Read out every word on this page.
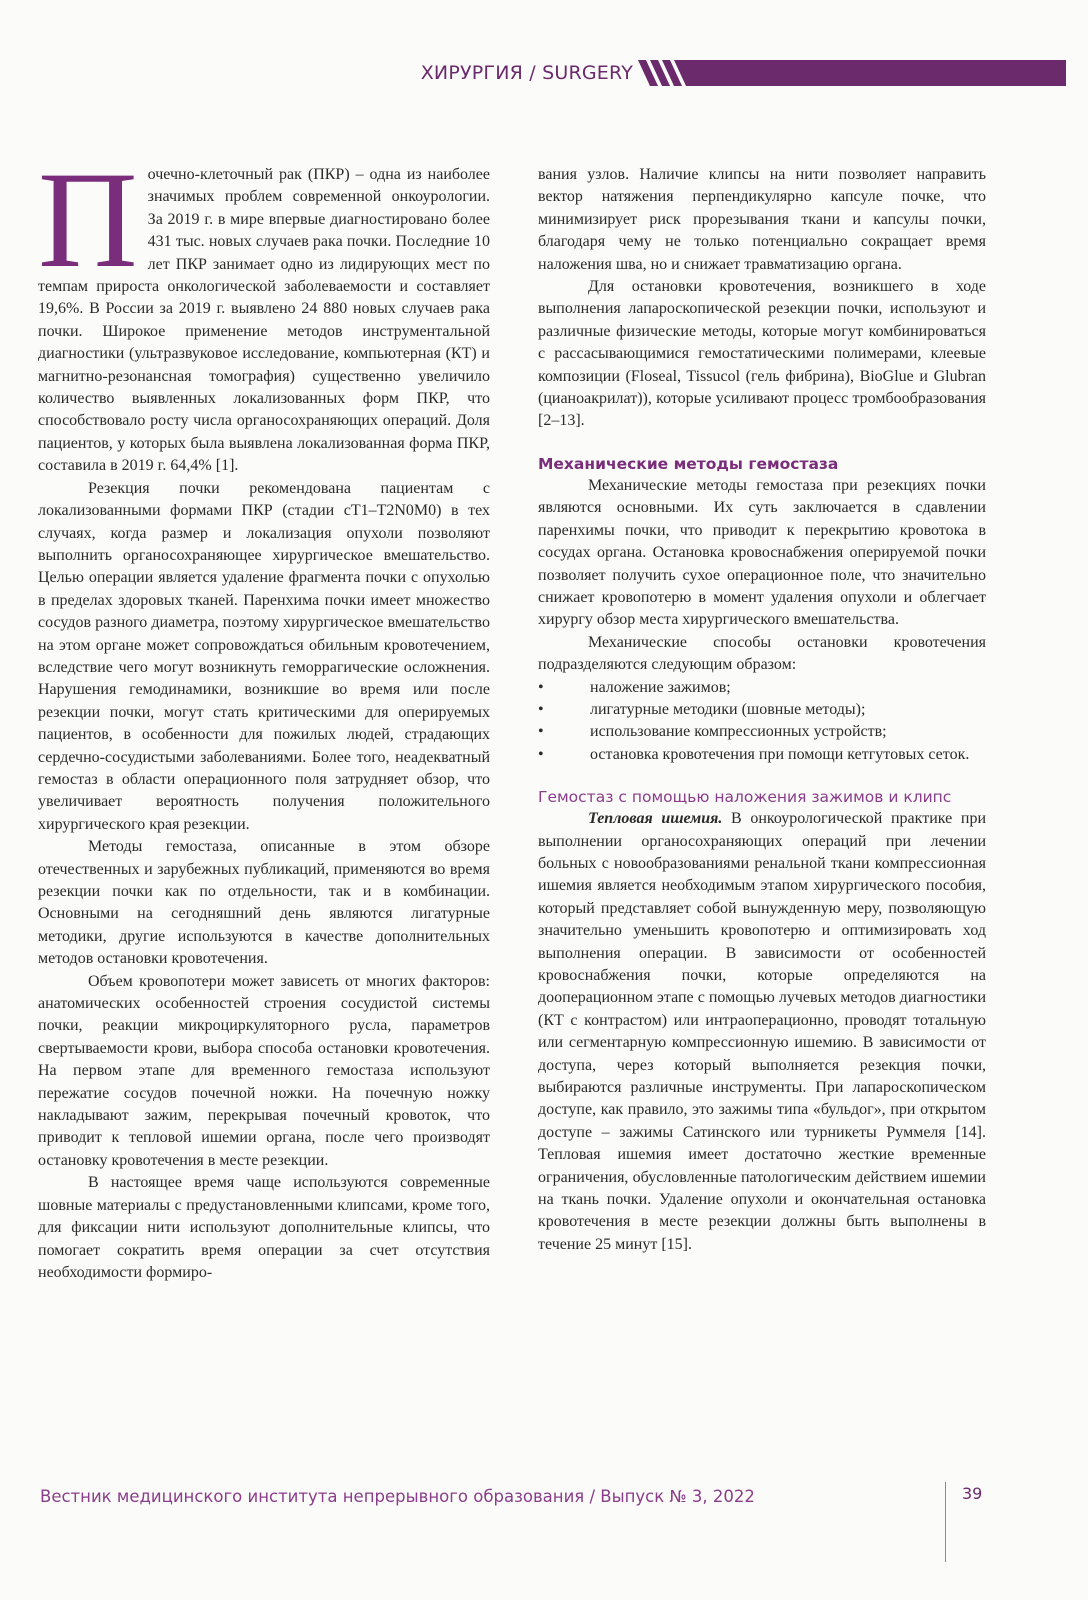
ХИРУРГИЯ / SURGERY

Почечно-клеточный рак (ПКР) – одна из наиболее значимых проблем современной онкоурологии. За 2019 г. в мире впервые диагностировано более 431 тыс. новых случаев рака почки. Последние 10 лет ПКР занимает одно из лидирующих мест по темпам прироста онкологической заболеваемости и составляет 19,6%. В России за 2019 г. выявлено 24 880 новых случаев рака почки. Широкое применение методов инструментальной диагностики (ультразвуковое исследование, компьютерная (КТ) и магнитно-резонансная томография) существенно увеличило количество выявленных локализованных форм ПКР, что способствовало росту числа органосохраняющих операций. Доля пациентов, у которых была выявлена локализованная форма ПКР, составила в 2019 г. 64,4% [1].

Резекция почки рекомендована пациентам с локализованными формами ПКР (стадии cT1–T2N0M0) в тех случаях, когда размер и локализация опухоли позволяют выполнить органосохраняющее хирургическое вмешательство. Целью операции является удаление фрагмента почки с опухолью в пределах здоровых тканей. Паренхима почки имеет множество сосудов разного диаметра, поэтому хирургическое вмешательство на этом органе может сопровождаться обильным кровотечением, вследствие чего могут возникнуть геморрагические осложнения. Нарушения гемодинамики, возникшие во время или после резекции почки, могут стать критическими для оперируемых пациентов, в особенности для пожилых людей, страдающих сердечно-сосудистыми заболеваниями. Более того, неадекватный гемостаз в области операционного поля затрудняет обзор, что увеличивает вероятность получения положительного хирургического края резекции.

Методы гемостаза, описанные в этом обзоре отечественных и зарубежных публикаций, применяются во время резекции почки как по отдельности, так и в комбинации. Основными на сегодняшний день являются лигатурные методики, другие используются в качестве дополнительных методов остановки кровотечения.

Объем кровопотери может зависеть от многих факторов: анатомических особенностей строения сосудистой системы почки, реакции микроциркуляторного русла, параметров свертываемости крови, выбора способа остановки кровотечения. На первом этапе для временного гемостаза используют пережатие сосудов почечной ножки. На почечную ножку накладывают зажим, перекрывая почечный кровоток, что приводит к тепловой ишемии органа, после чего производят остановку кровотечения в месте резекции.

В настоящее время чаще используются современные шовные материалы с предустановленными клипсами, кроме того, для фиксации нити используют дополнительные клипсы, что помогает сократить время операции за счет отсутствия необходимости формиро-

вания узлов. Наличие клипсы на нити позволяет направить вектор натяжения перпендикулярно капсуле почке, что минимизирует риск прорезывания ткани и капсулы почки, благодаря чему не только потенциально сокращает время наложения шва, но и снижает травматизацию органа.

Для остановки кровотечения, возникшего в ходе выполнения лапароскопической резекции почки, используют и различные физические методы, которые могут комбинироваться с рассасывающимися гемостатическими полимерами, клеевые композиции (Floseal, Tissucol (гель фибрина), BioGlue и Glubran (цианоакрилат)), которые усиливают процесс тромбообразования [2–13].

Механические методы гемостаза

Механические методы гемостаза при резекциях почки являются основными. Их суть заключается в сдавлении паренхимы почки, что приводит к перекрытию кровотока в сосудах органа. Остановка кровоснабжения оперируемой почки позволяет получить сухое операционное поле, что значительно снижает кровопотерю в момент удаления опухоли и облегчает хирургу обзор места хирургического вмешательства.

Механические способы остановки кровотечения подразделяются следующим образом:

• наложение зажимов;
• лигатурные методики (шовные методы);
• использование компрессионных устройств;
• остановка кровотечения при помощи кетгутовых сеток.
Гемостаз с помощью наложения зажимов и клипс

Тепловая ишемия. В онкоурологической практике при выполнении органосохраняющих операций при лечении больных с новообразованиями ренальной ткани компрессионная ишемия является необходимым этапом хирургического пособия, который представляет собой вынужденную меру, позволяющую значительно уменьшить кровопотерю и оптимизировать ход выполнения операции. В зависимости от особенностей кровоснабжения почки, которые определяются на дооперационном этапе с помощью лучевых методов диагностики (КТ с контрастом) или интраоперационно, проводят тотальную или сегментарную компрессионную ишемию. В зависимости от доступа, через который выполняется резекция почки, выбираются различные инструменты. При лапароскопическом доступе, как правило, это зажимы типа «бульдог», при открытом доступе – зажимы Сатинского или турникеты Руммеля [14]. Тепловая ишемия имеет достаточно жесткие временные ограничения, обусловленные патологическим действием ишемии на ткань почки. Удаление опухоли и окончательная остановка кровотечения в месте резекции должны быть выполнены в течение 25 минут [15].

Вестник медицинского института непрерывного образования / Выпуск № 3, 2022	39
